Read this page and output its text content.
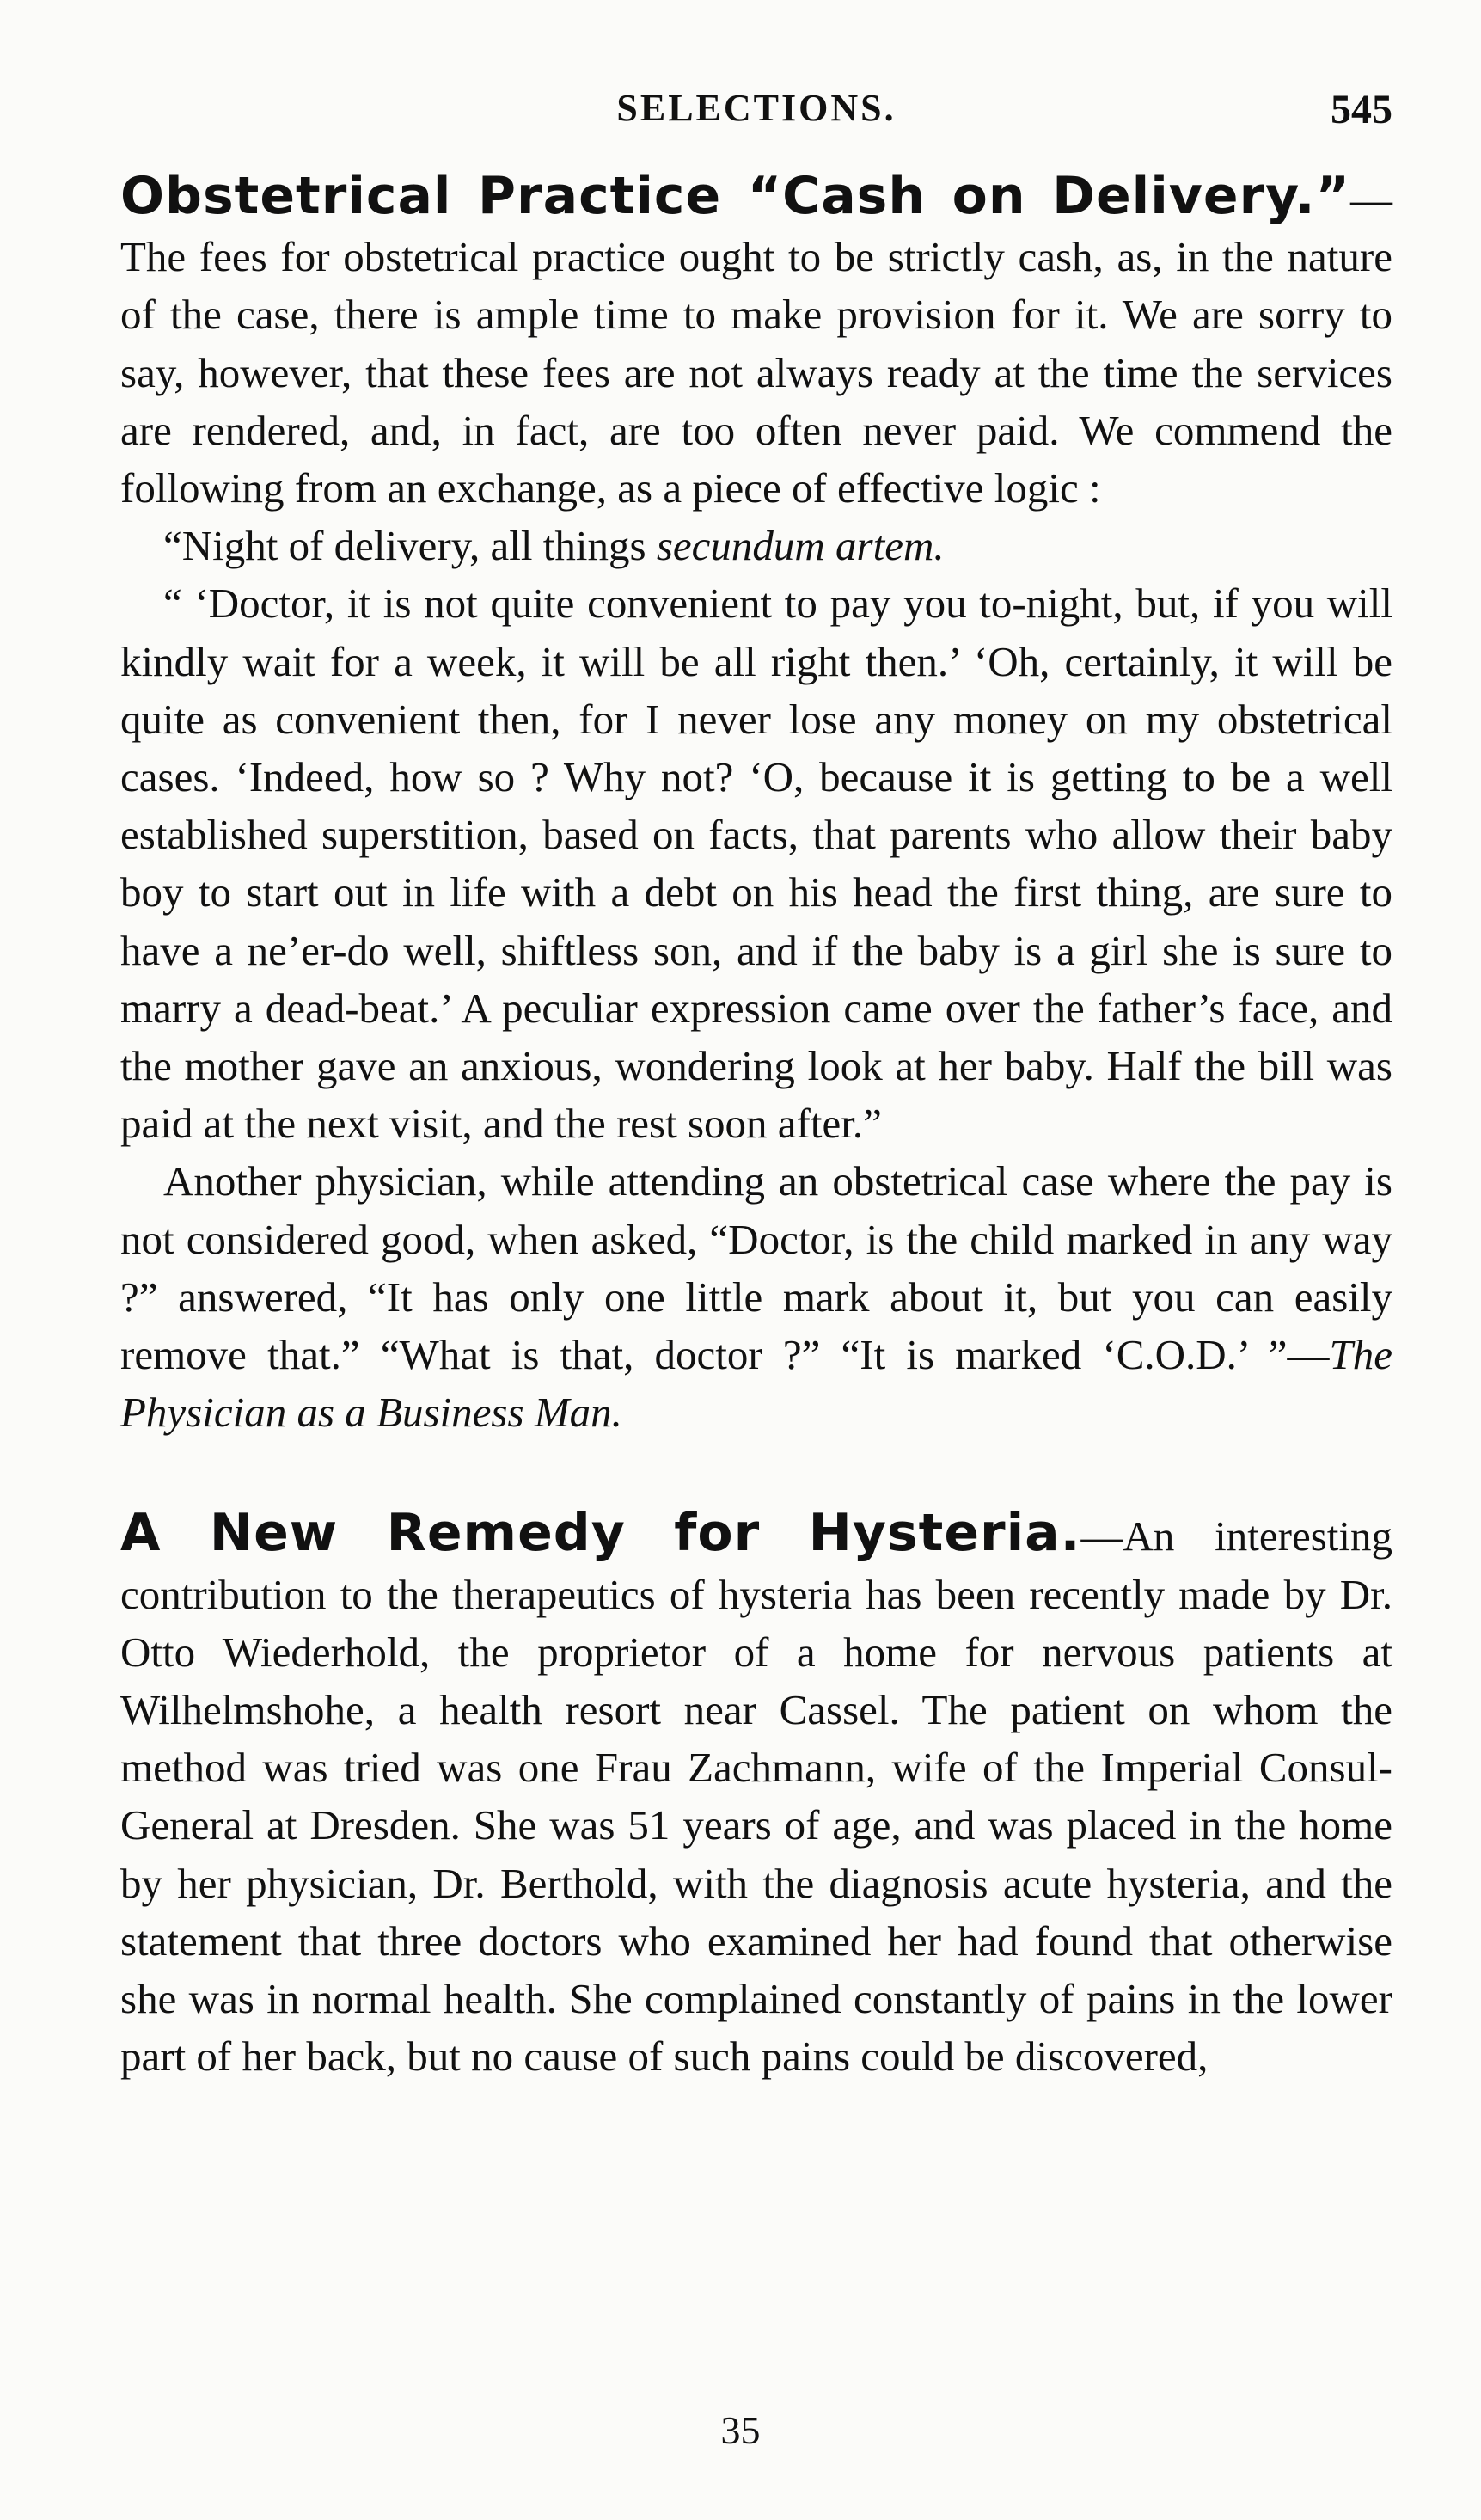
SELECTIONS.	545

Obstetrical Practice “Cash on Delivery.”—The fees for obstetrical practice ought to be strictly cash, as, in the nature of the case, there is ample time to make provision for it. We are sorry to say, however, that these fees are not always ready at the time the services are rendered, and, in fact, are too often never paid. We commend the following from an exchange, as a piece of effective logic :

“Night of delivery, all things secundum artem.

“ ‘Doctor, it is not quite convenient to pay you to-night, but, if you will kindly wait for a week, it will be all right then.’ ‘Oh, certainly, it will be quite as convenient then, for I never lose any money on my obstetrical cases. ‘Indeed, how so ? Why not? ‘O, because it is getting to be a well established superstition, based on facts, that parents who allow their baby boy to start out in life with a debt on his head the first thing, are sure to have a ne’er-do well, shiftless son, and if the baby is a girl she is sure to marry a dead-beat.’ A peculiar expression came over the father’s face, and the mother gave an anxious, wondering look at her baby. Half the bill was paid at the next visit, and the rest soon after.”

Another physician, while attending an obstetrical case where the pay is not considered good, when asked, “Doctor, is the child marked in any way ?” answered, “It has only one little mark about it, but you can easily remove that.” “What is that, doctor ?” “It is marked ‘C.O.D.’ ”—The Physician as a Business Man.

A New Remedy for Hysteria.—An interesting contribution to the therapeutics of hysteria has been recently made by Dr. Otto Wiederhold, the proprietor of a home for nervous patients at Wilhelmshohe, a health resort near Cassel. The patient on whom the method was tried was one Frau Zachmann, wife of the Imperial Consul-General at Dresden. She was 51 years of age, and was placed in the home by her physician, Dr. Berthold, with the diagnosis acute hysteria, and the statement that three doctors who examined her had found that otherwise she was in normal health. She complained constantly of pains in the lower part of her back, but no cause of such pains could be discovered,

35
